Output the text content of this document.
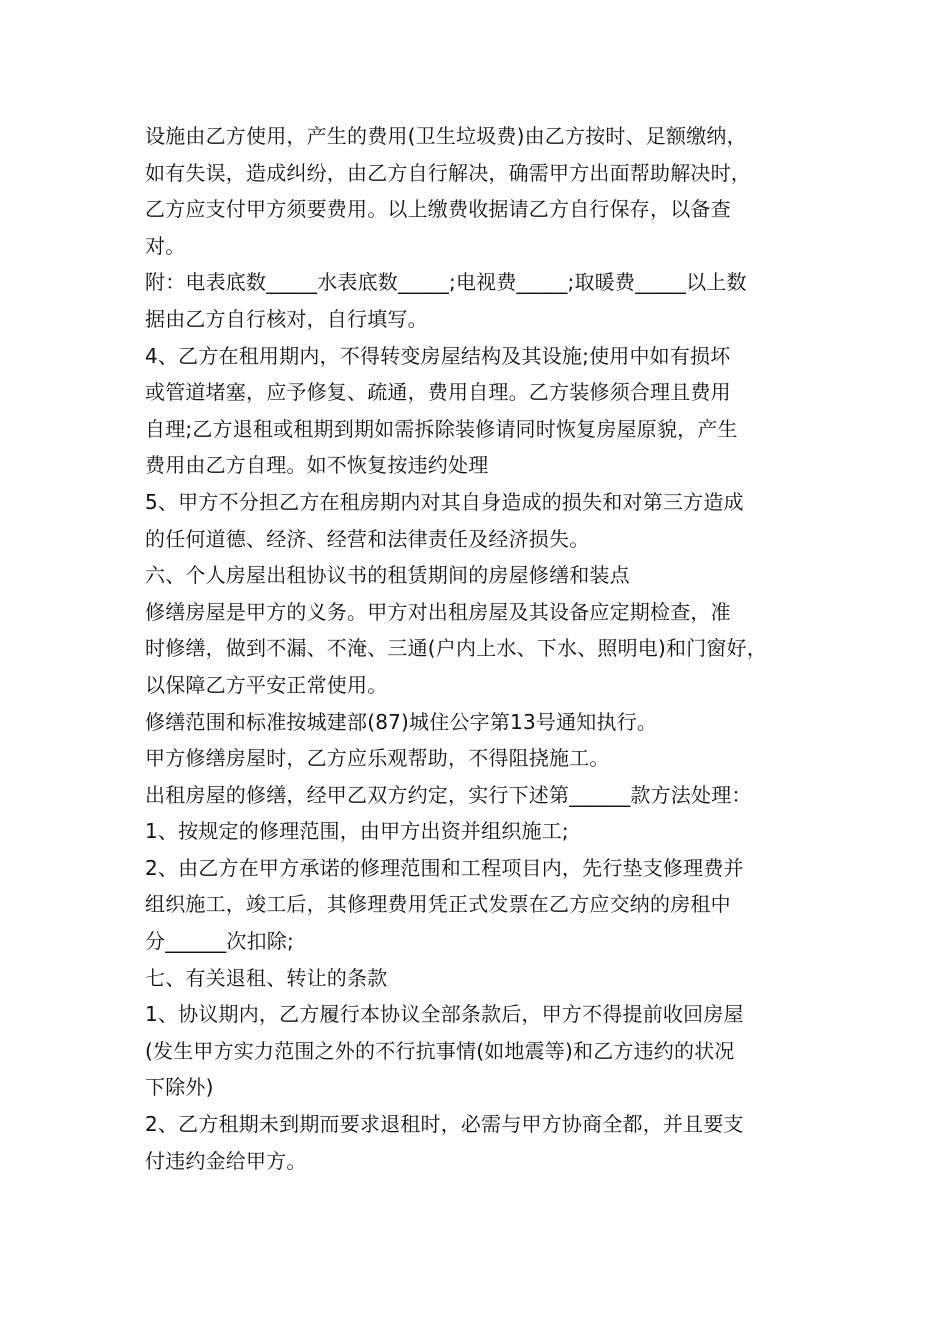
设施由乙方使用，产生的费用(卫生垃圾费)由乙方按时、足额缴纳，
如有失误，造成纠纷，由乙方自行解决，确需甲方出面帮助解决时，
乙方应支付甲方须要费用。以上缴费收据请乙方自行保存，以备查
对。
附：电表底数_____水表底数_____;电视费_____;取暖费_____以上数
据由乙方自行核对，自行填写。
4、乙方在租用期内，不得转变房屋结构及其设施;使用中如有损坏
或管道堵塞，应予修复、疏通，费用自理。乙方装修须合理且费用
自理;乙方退租或租期到期如需拆除装修请同时恢复房屋原貌，产生
费用由乙方自理。如不恢复按违约处理
5、甲方不分担乙方在租房期内对其自身造成的损失和对第三方造成
的任何道德、经济、经营和法律责任及经济损失。
六、个人房屋出租协议书的租赁期间的房屋修缮和装点
修缮房屋是甲方的义务。甲方对出租房屋及其设备应定期检查，准
时修缮，做到不漏、不淹、三通(户内上水、下水、照明电)和门窗好，
以保障乙方平安正常使用。
修缮范围和标准按城建部(87)城住公字第13号通知执行。
甲方修缮房屋时，乙方应乐观帮助，不得阻挠施工。
出租房屋的修缮，经甲乙双方约定，实行下述第______款方法处理：
1、按规定的修理范围，由甲方出资并组织施工;
2、由乙方在甲方承诺的修理范围和工程项目内，先行垫支修理费并
组织施工，竣工后，其修理费用凭正式发票在乙方应交纳的房租中
分______次扣除;
七、有关退租、转让的条款
1、协议期内，乙方履行本协议全部条款后，甲方不得提前收回房屋
(发生甲方实力范围之外的不行抗事情(如地震等)和乙方违约的状况
下除外)
2、乙方租期未到期而要求退租时，必需与甲方协商全都，并且要支
付违约金给甲方。
